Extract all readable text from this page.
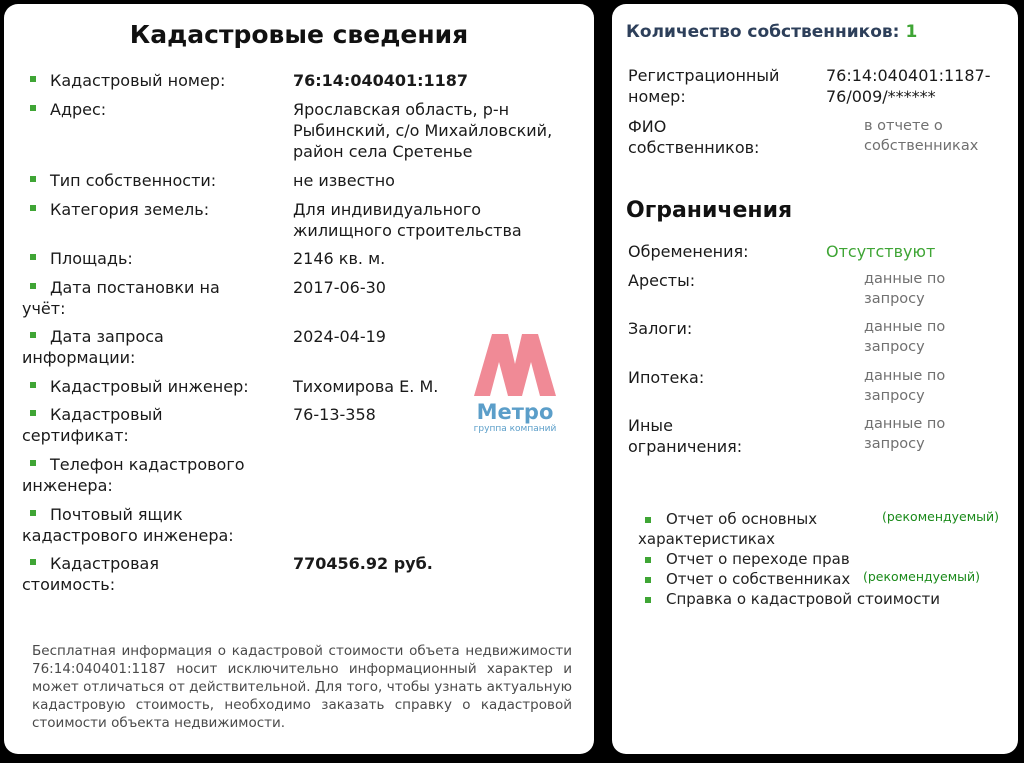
Кадастровые сведения
Кадастровый номер:	76:14:040401:1187
Адрес:	Ярославская область, р-н Рыбинский, с/о Михайловский, район села Сретенье
Тип собственности:	не известно
Категория земель:	Для индивидуального жилищного строительства
Площадь:	2146 кв. м.
Дата постановки на учёт:
2017-06-30
Дата запроса информации:
2024-04-19
Кадастровый инженер:	Тихомирова Е. М.
Кадастровый сертификат:
76-13-358
Телефон кадастрового инженера:
Почтовый ящик кадастрового инженера:
Кадастровая стоимость:
770456.92 руб.
Метро
группа компаний
Бесплатная информация о кадастровой стоимости объета недвижимости 76:14:040401:1187 носит исключительно информационный характер и может отличаться от действительной. Для того, чтобы узнать актуальную кадастровую стоимость, необходимо заказать справку о кадастровой стоимости объекта недвижимости.
Количество собственников: 1
Регистрационный номер:
76:14:040401:1187-76/009/******
ФИО собственников:
в отчете о собственниках
Ограничения
Обременения:	Отсутствуют
Аресты:	данные по запросу
Залоги:	данные по запросу
Ипотека:	данные по запросу
Иные ограничения:
данные по запросу
Отчет об основных характеристиках
(рекомендуемый)
Отчет о переходе прав
Отчет о собственниках	(рекомендуемый)
Справка о кадастровой стоимости
